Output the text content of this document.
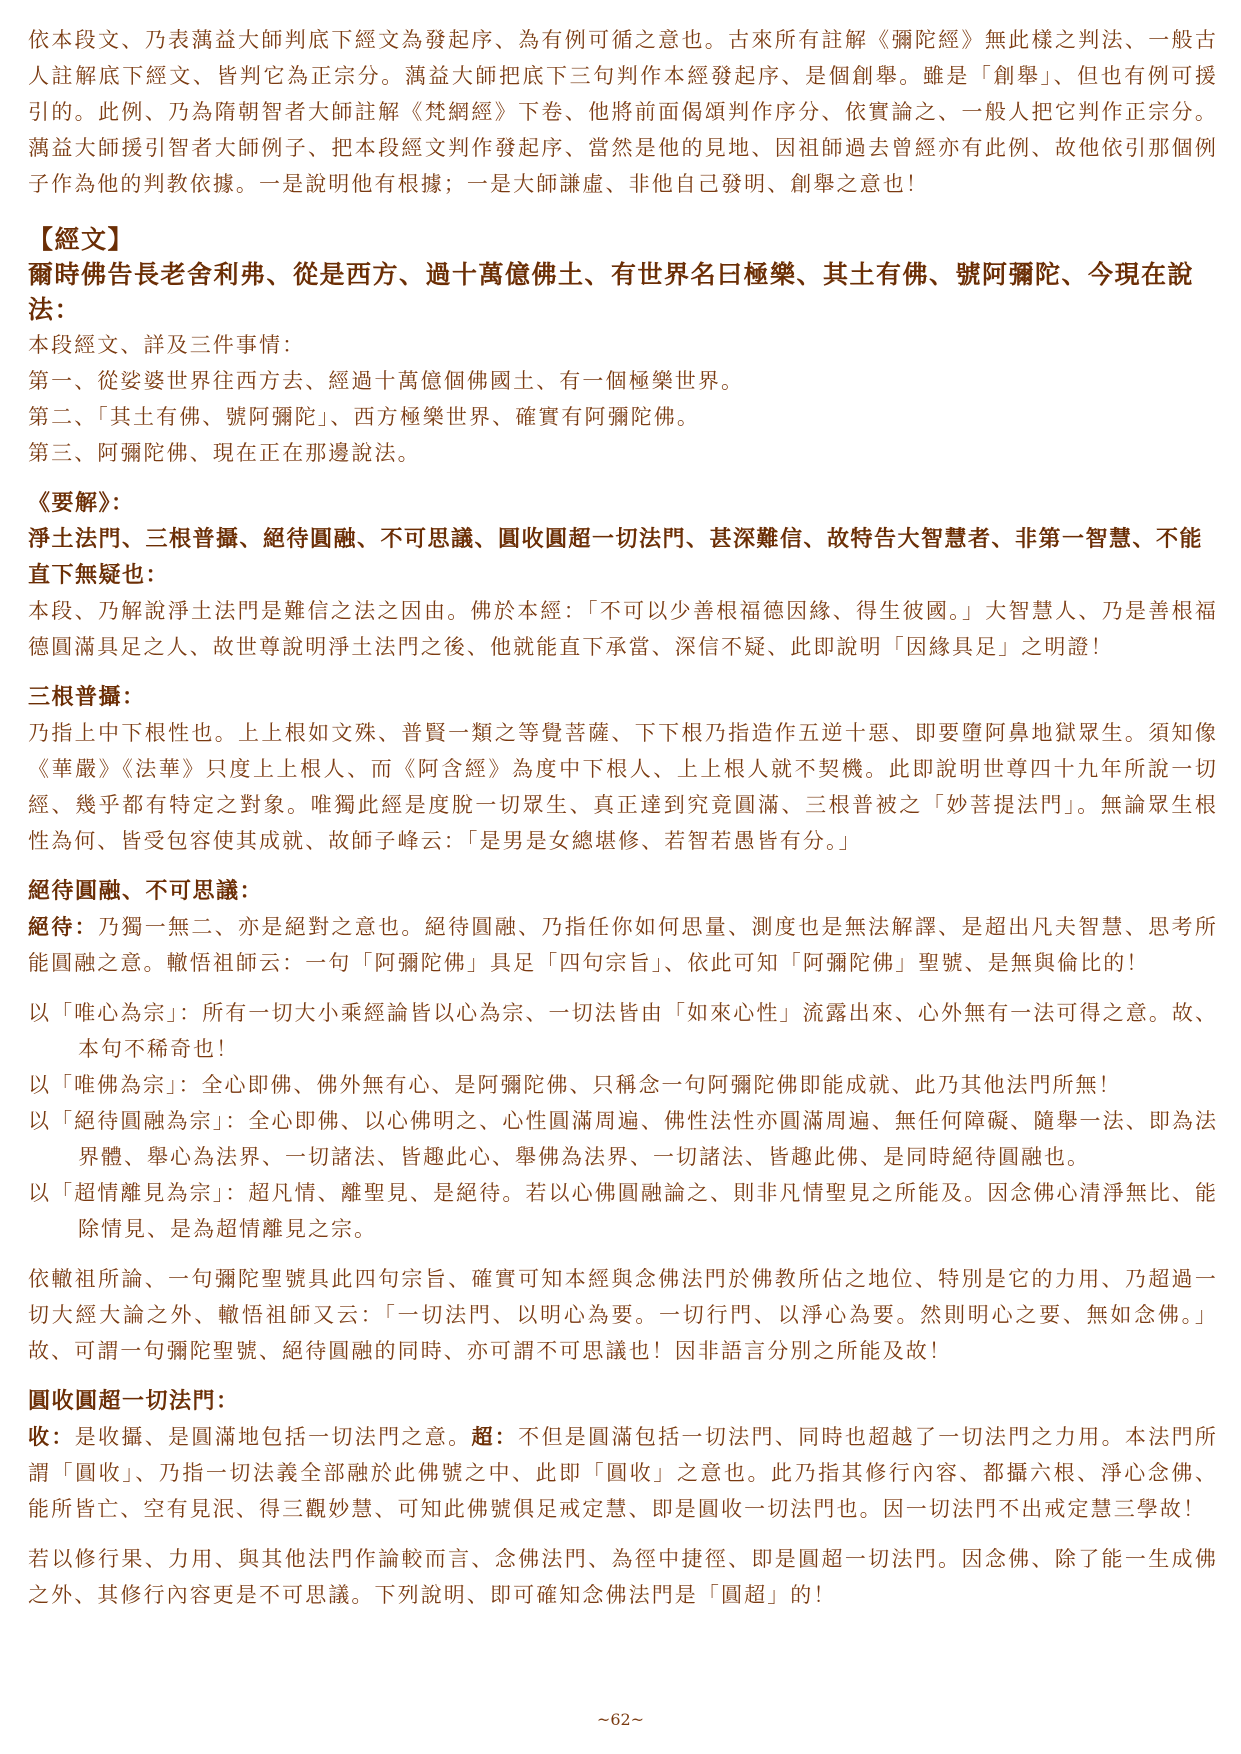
依本段文、乃表蕅益大師判底下經文為發起序、為有例可循之意也。古來所有註解《彌陀經》無此樣之判法、一般古人註解底下經文、皆判它為正宗分。蕅益大師把底下三句判作本經發起序、是個創舉。雖是「創舉」、但也有例可援引的。此例、乃為隋朝智者大師註解《梵網經》下卷、他將前面偈頌判作序分、依實論之、一般人把它判作正宗分。蕅益大師援引智者大師例子、把本段經文判作發起序、當然是他的見地、因祖師過去曾經亦有此例、故他依引那個例子作為他的判教依據。一是說明他有根據；一是大師謙虛、非他自己發明、創舉之意也！

【經文】

爾時佛告長老舍利弗、從是西方、過十萬億佛土、有世界名曰極樂、其土有佛、號阿彌陀、今現在說法：

本段經文、詳及三件事情：

第一、從娑婆世界往西方去、經過十萬億個佛國土、有一個極樂世界。

第二、「其土有佛、號阿彌陀」、西方極樂世界、確實有阿彌陀佛。

第三、阿彌陀佛、現在正在那邊說法。

《要解》：

淨土法門、三根普攝、絕待圓融、不可思議、圓收圓超一切法門、甚深難信、故特告大智慧者、非第一智慧、不能直下無疑也：

本段、乃解說淨土法門是難信之法之因由。佛於本經：「不可以少善根福德因緣、得生彼國。」大智慧人、乃是善根福德圓滿具足之人、故世尊說明淨土法門之後、他就能直下承當、深信不疑、此即說明「因緣具足」之明證！

三根普攝：

乃指上中下根性也。上上根如文殊、普賢一類之等覺菩薩、下下根乃指造作五逆十惡、即要墮阿鼻地獄眾生。須知像《華嚴》《法華》只度上上根人、而《阿含經》為度中下根人、上上根人就不契機。此即說明世尊四十九年所說一切經、幾乎都有特定之對象。唯獨此經是度脫一切眾生、真正達到究竟圓滿、三根普被之「妙菩提法門」。無論眾生根性為何、皆受包容使其成就、故師子峰云：「是男是女總堪修、若智若愚皆有分。」

絕待圓融、不可思議：

絕待：乃獨一無二、亦是絕對之意也。絕待圓融、乃指任你如何思量、測度也是無法解譯、是超出凡夫智慧、思考所能圓融之意。轍悟祖師云：一句「阿彌陀佛」具足「四句宗旨」、依此可知「阿彌陀佛」聖號、是無與倫比的！

以「唯心為宗」：所有一切大小乘經論皆以心為宗、一切法皆由「如來心性」流露出來、心外無有一法可得之意。故、本句不稀奇也！

以「唯佛為宗」：全心即佛、佛外無有心、是阿彌陀佛、只稱念一句阿彌陀佛即能成就、此乃其他法門所無！

以「絕待圓融為宗」：全心即佛、以心佛明之、心性圓滿周遍、佛性法性亦圓滿周遍、無任何障礙、隨舉一法、即為法界體、舉心為法界、一切諸法、皆趣此心、舉佛為法界、一切諸法、皆趣此佛、是同時絕待圓融也。

以「超情離見為宗」：超凡情、離聖見、是絕待。若以心佛圓融論之、則非凡情聖見之所能及。因念佛心清淨無比、能除情見、是為超情離見之宗。

依轍祖所論、一句彌陀聖號具此四句宗旨、確實可知本經與念佛法門於佛教所佔之地位、特別是它的力用、乃超過一切大經大論之外、轍悟祖師又云：「一切法門、以明心為要。一切行門、以淨心為要。然則明心之要、無如念佛。」故、可謂一句彌陀聖號、絕待圓融的同時、亦可謂不可思議也！因非語言分別之所能及故！

圓收圓超一切法門：

收：是收攝、是圓滿地包括一切法門之意。超：不但是圓滿包括一切法門、同時也超越了一切法門之力用。本法門所謂「圓收」、乃指一切法義全部融於此佛號之中、此即「圓收」之意也。此乃指其修行內容、都攝六根、淨心念佛、能所皆亡、空有見泯、得三觀妙慧、可知此佛號俱足戒定慧、即是圓收一切法門也。因一切法門不出戒定慧三學故！

若以修行果、力用、與其他法門作論較而言、念佛法門、為徑中捷徑、即是圓超一切法門。因念佛、除了能一生成佛之外、其修行內容更是不可思議。下列說明、即可確知念佛法門是「圓超」的！

~62~
